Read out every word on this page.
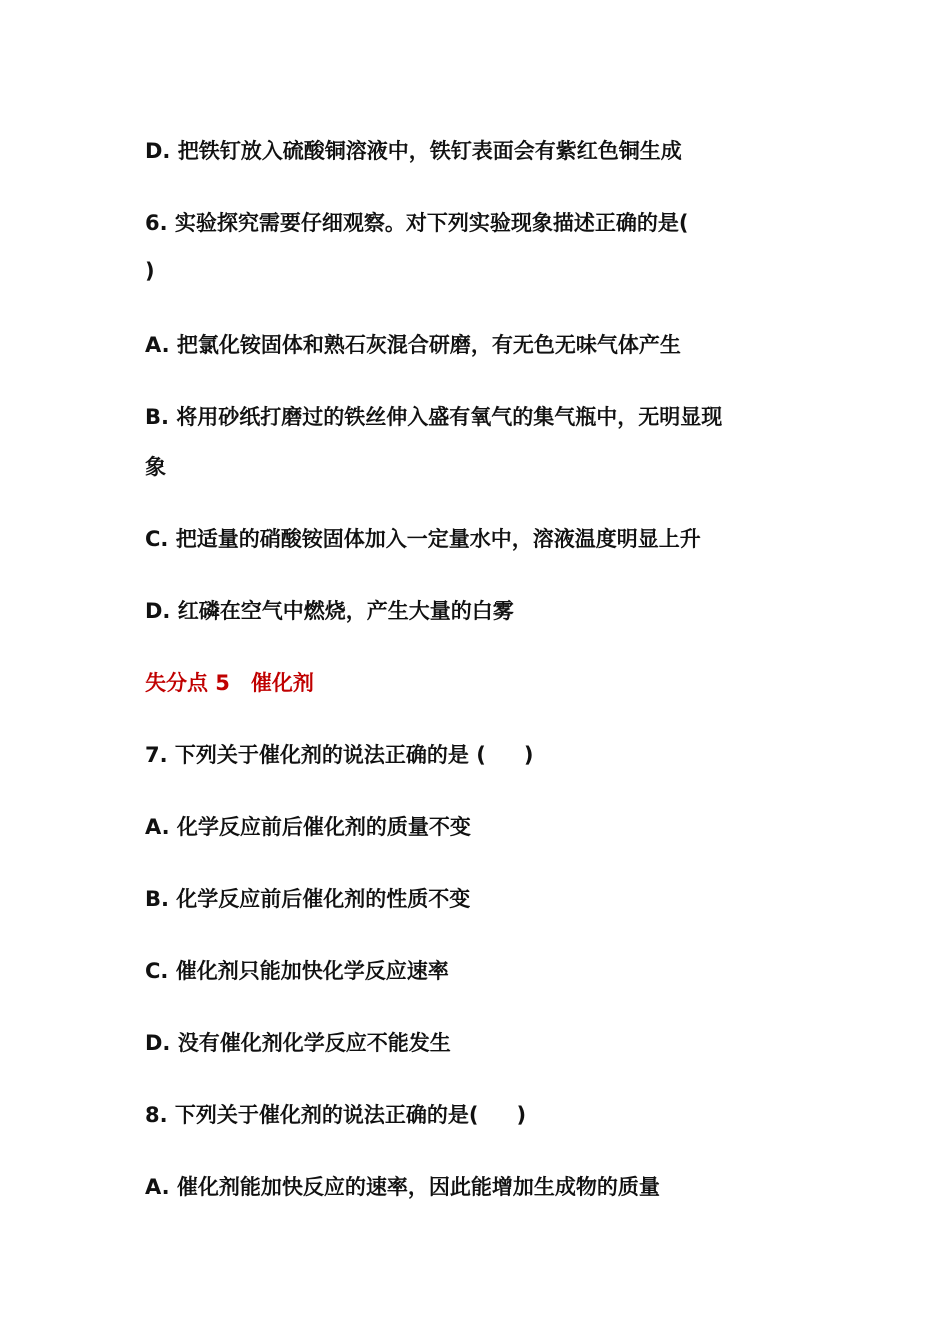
D. 把铁钉放入硫酸铜溶液中，铁钉表面会有紫红色铜生成
6. 实验探究需要仔细观察。对下列实验现象描述正确的是(
)
A. 把氯化铵固体和熟石灰混合研磨，有无色无味气体产生
B. 将用砂纸打磨过的铁丝伸入盛有氧气的集气瓶中，无明显现
象
C. 把适量的硝酸铵固体加入一定量水中，溶液温度明显上升
D. 红磷在空气中燃烧，产生大量的白雾
失分点 5　催化剂
7. 下列关于催化剂的说法正确的是 ( )
A. 化学反应前后催化剂的质量不变
B. 化学反应前后催化剂的性质不变
C. 催化剂只能加快化学反应速率
D. 没有催化剂化学反应不能发生
8. 下列关于催化剂的说法正确的是( )
A. 催化剂能加快反应的速率，因此能增加生成物的质量
